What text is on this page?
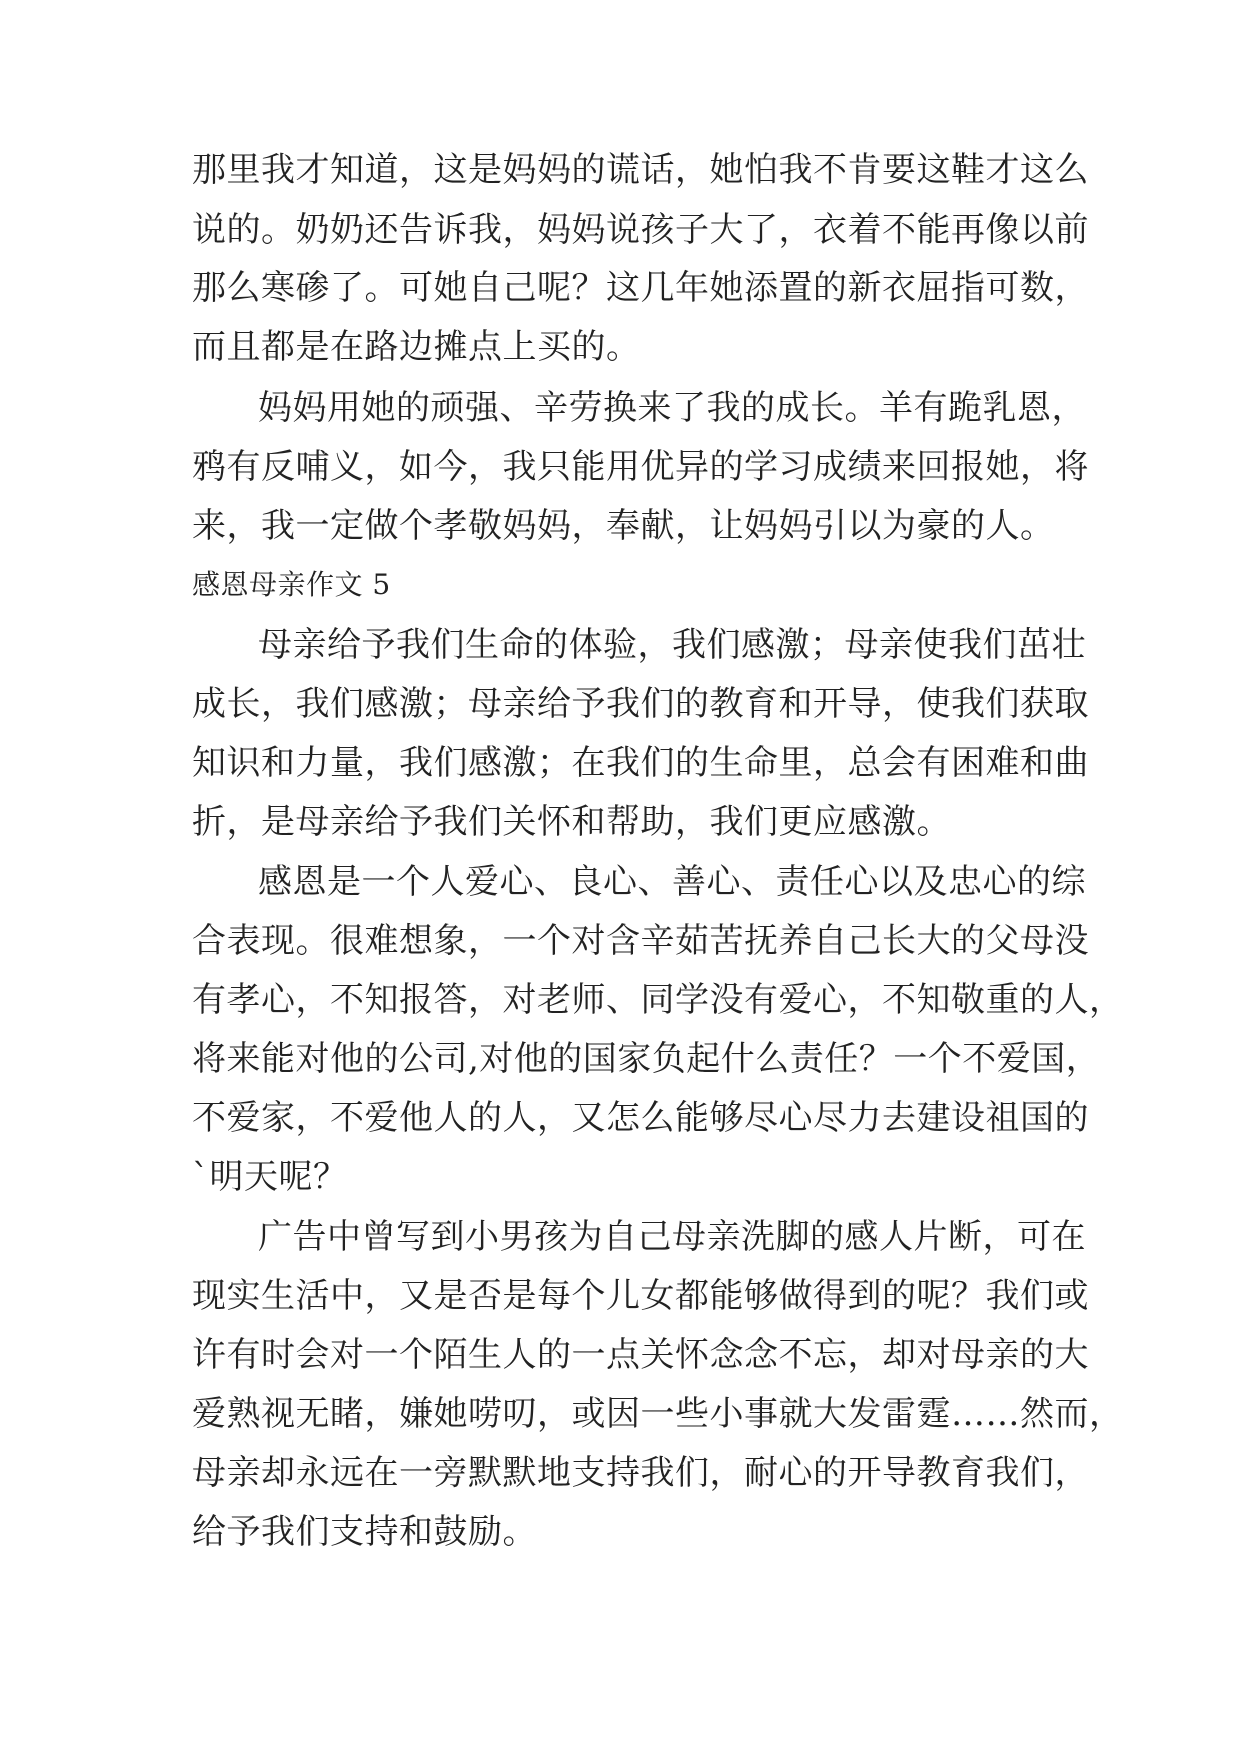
那里我才知道，这是妈妈的谎话，她怕我不肯要这鞋才这么
说的。奶奶还告诉我，妈妈说孩子大了，衣着不能再像以前
那么寒碜了。可她自己呢？这几年她添置的新衣屈指可数，
而且都是在路边摊点上买的。
妈妈用她的顽强、辛劳换来了我的成长。羊有跪乳恩，
鸦有反哺义，如今，我只能用优异的学习成绩来回报她，将
来，我一定做个孝敬妈妈，奉献，让妈妈引以为豪的人。
感恩母亲作文 5
母亲给予我们生命的体验，我们感激；母亲使我们茁壮
成长，我们感激；母亲给予我们的教育和开导，使我们获取
知识和力量，我们感激；在我们的生命里，总会有困难和曲
折，是母亲给予我们关怀和帮助，我们更应感激。
感恩是一个人爱心、良心、善心、责任心以及忠心的综
合表现。很难想象，一个对含辛茹苦抚养自己长大的父母没
有孝心，不知报答，对老师、同学没有爱心，不知敬重的人，
将来能对他的公司,对他的国家负起什么责任？一个不爱国，
不爱家，不爱他人的人，又怎么能够尽心尽力去建设祖国的
`明天呢？
广告中曾写到小男孩为自己母亲洗脚的感人片断，可在
现实生活中，又是否是每个儿女都能够做得到的呢？我们或
许有时会对一个陌生人的一点关怀念念不忘，却对母亲的大
爱熟视无睹，嫌她唠叨，或因一些小事就大发雷霆……然而，
母亲却永远在一旁默默地支持我们，耐心的开导教育我们，
给予我们支持和鼓励。
